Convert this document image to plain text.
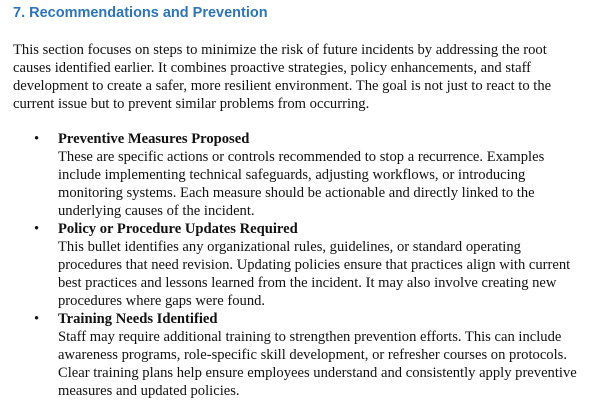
7. Recommendations and Prevention
This section focuses on steps to minimize the risk of future incidents by addressing the root causes identified earlier. It combines proactive strategies, policy enhancements, and staff development to create a safer, more resilient environment. The goal is not just to react to the current issue but to prevent similar problems from occurring.
• Preventive Measures Proposed
These are specific actions or controls recommended to stop a recurrence. Examples include implementing technical safeguards, adjusting workflows, or introducing monitoring systems. Each measure should be actionable and directly linked to the underlying causes of the incident.
• Policy or Procedure Updates Required
This bullet identifies any organizational rules, guidelines, or standard operating procedures that need revision. Updating policies ensure that practices align with current best practices and lessons learned from the incident. It may also involve creating new procedures where gaps were found.
• Training Needs Identified
Staff may require additional training to strengthen prevention efforts. This can include awareness programs, role-specific skill development, or refresher courses on protocols. Clear training plans help ensure employees understand and consistently apply preventive measures and updated policies.
